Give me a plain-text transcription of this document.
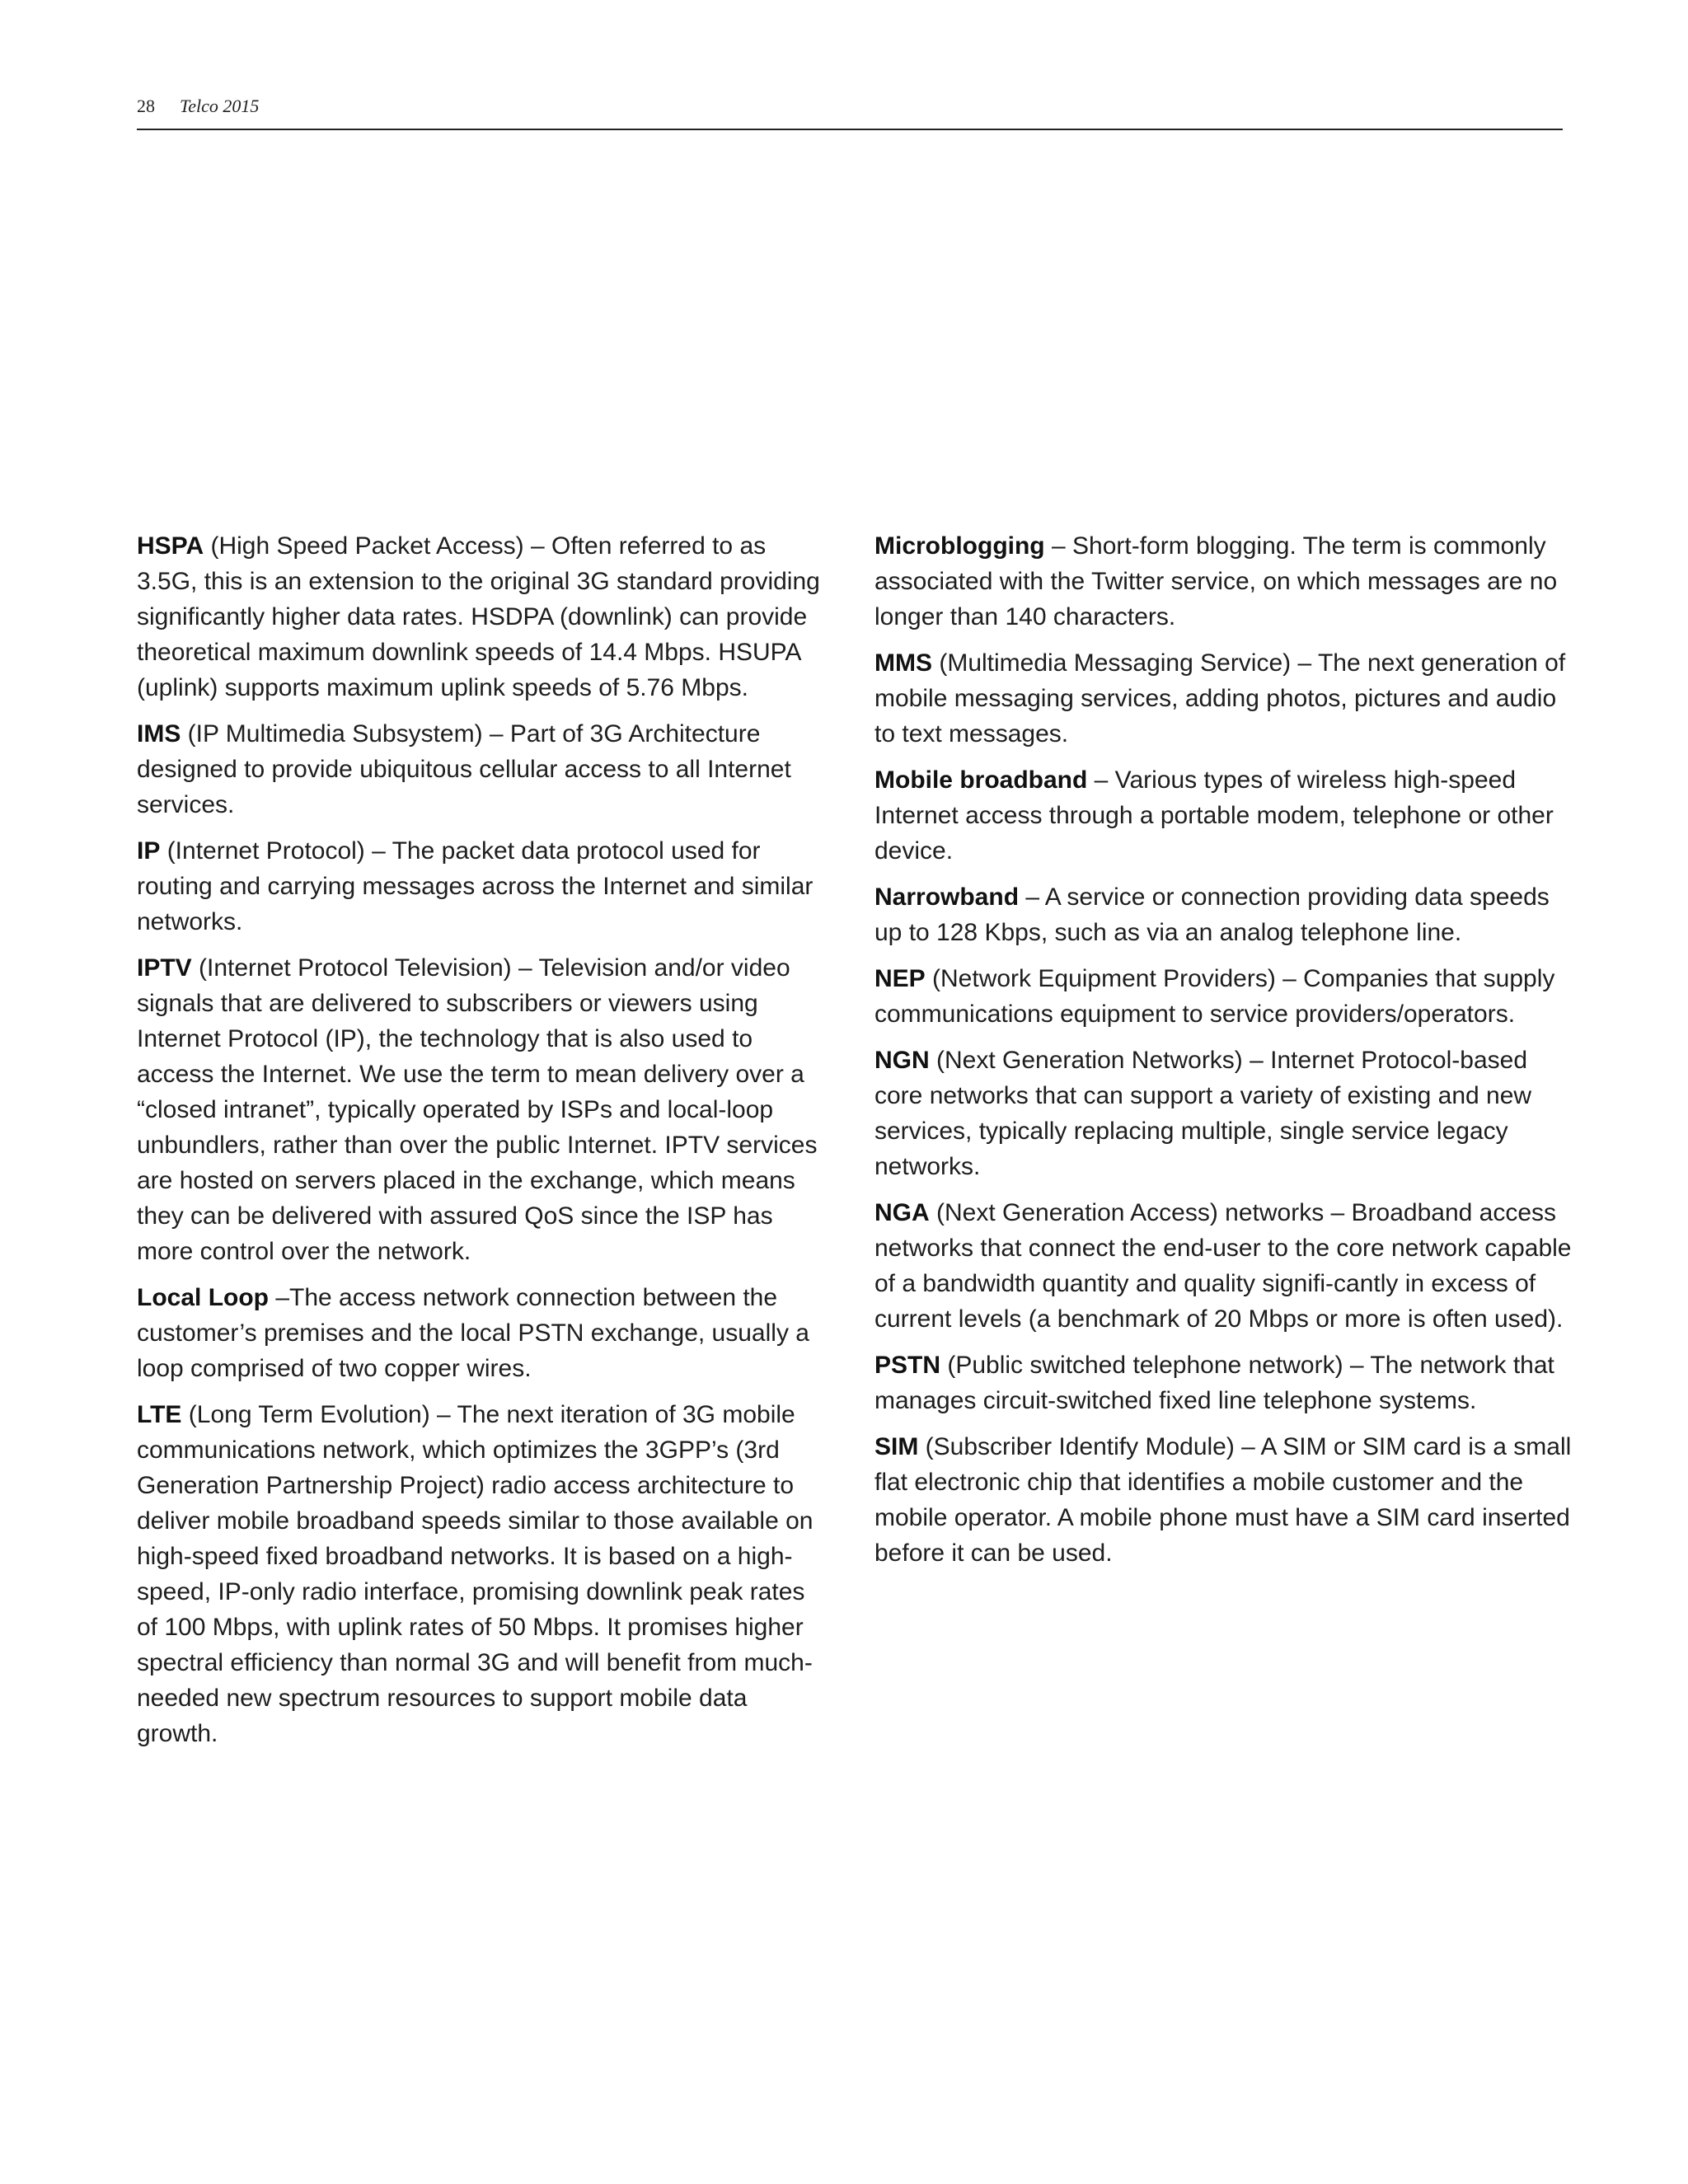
28 Telco 2015

HSPA (High Speed Packet Access) – Often referred to as 3.5G, this is an extension to the original 3G standard providing significantly higher data rates. HSDPA (downlink) can provide theoretical maximum downlink speeds of 14.4 Mbps. HSUPA (uplink) supports maximum uplink speeds of 5.76 Mbps.

IMS (IP Multimedia Subsystem) – Part of 3G Architecture designed to provide ubiquitous cellular access to all Internet services.

IP (Internet Protocol) – The packet data protocol used for routing and carrying messages across the Internet and similar networks.

IPTV (Internet Protocol Television) – Television and/or video signals that are delivered to subscribers or viewers using Internet Protocol (IP), the technology that is also used to access the Internet. We use the term to mean delivery over a “closed intranet”, typically operated by ISPs and local-loop unbundlers, rather than over the public Internet. IPTV services are hosted on servers placed in the exchange, which means they can be delivered with assured QoS since the ISP has more control over the network.

Local Loop –The access network connection between the customer’s premises and the local PSTN exchange, usually a loop comprised of two copper wires.

LTE (Long Term Evolution) – The next iteration of 3G mobile communications network, which optimizes the 3GPP’s (3rd Generation Partnership Project) radio access architecture to deliver mobile broadband speeds similar to those available on high-speed fixed broadband networks. It is based on a high-speed, IP-only radio interface, promising downlink peak rates of 100 Mbps, with uplink rates of 50 Mbps. It promises higher spectral efficiency than normal 3G and will benefit from much-needed new spectrum resources to support mobile data growth.

Microblogging – Short-form blogging. The term is commonly associated with the Twitter service, on which messages are no longer than 140 characters.

MMS (Multimedia Messaging Service) – The next generation of mobile messaging services, adding photos, pictures and audio to text messages.

Mobile broadband – Various types of wireless high-speed Internet access through a portable modem, telephone or other device.

Narrowband – A service or connection providing data speeds up to 128 Kbps, such as via an analog telephone line.

NEP (Network Equipment Providers) – Companies that supply communications equipment to service providers/operators.

NGN (Next Generation Networks) – Internet Protocol-based core networks that can support a variety of existing and new services, typically replacing multiple, single service legacy networks.

NGA (Next Generation Access) networks – Broadband access networks that connect the end-user to the core network capable of a bandwidth quantity and quality signifi-cantly in excess of current levels (a benchmark of 20 Mbps or more is often used).

PSTN (Public switched telephone network) – The network that manages circuit-switched fixed line telephone systems.

SIM (Subscriber Identify Module) – A SIM or SIM card is a small flat electronic chip that identifies a mobile customer and the mobile operator. A mobile phone must have a SIM card inserted before it can be used.
